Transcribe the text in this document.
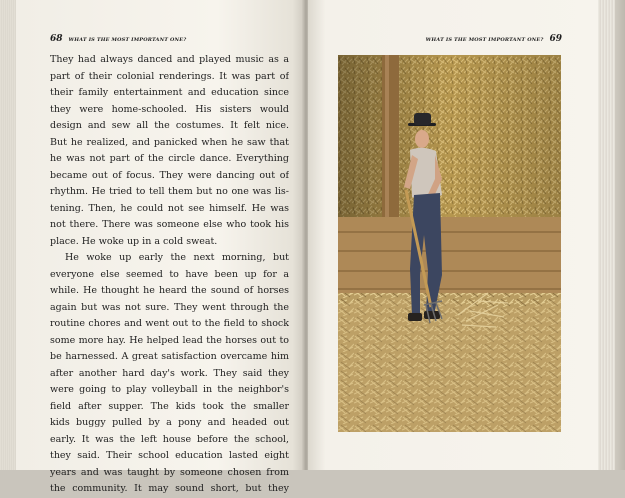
68 WHAT IS THE MOST IMPORTANT ONE?
They had always danced and played music as a
part of their colonial renderings. It was part of
their family entertainment and education since
they were home-schooled. His sisters would
design and sew all the costumes. It felt nice.
But he realized, and panicked when he saw that
he was not part of the circle dance. Everything
became out of focus. They were dancing out of
rhythm. He tried to tell them but no one was lis-
tening. Then, he could not see himself. He was
not there. There was someone else who took his
place. He woke up in a cold sweat.
He woke up early the next morning, but
everyone else seemed to have been up for a
while. He thought he heard the sound of horses
again but was not sure. They went through the
routine chores and went out to the field to shock
some more hay. He helped lead the horses out to
be harnessed. A great satisfaction overcame him
after another hard day's work. They said they
were going to play volleyball in the neighbor's
field after supper. The kids took the smaller
kids buggy pulled by a pony and headed out
early. It was the left house before the school,
they said. Their school education lasted eight
years and was taught by someone chosen from
the community. It may sound short, but they
WHAT IS THE MOST IMPORTANT ONE? 69
